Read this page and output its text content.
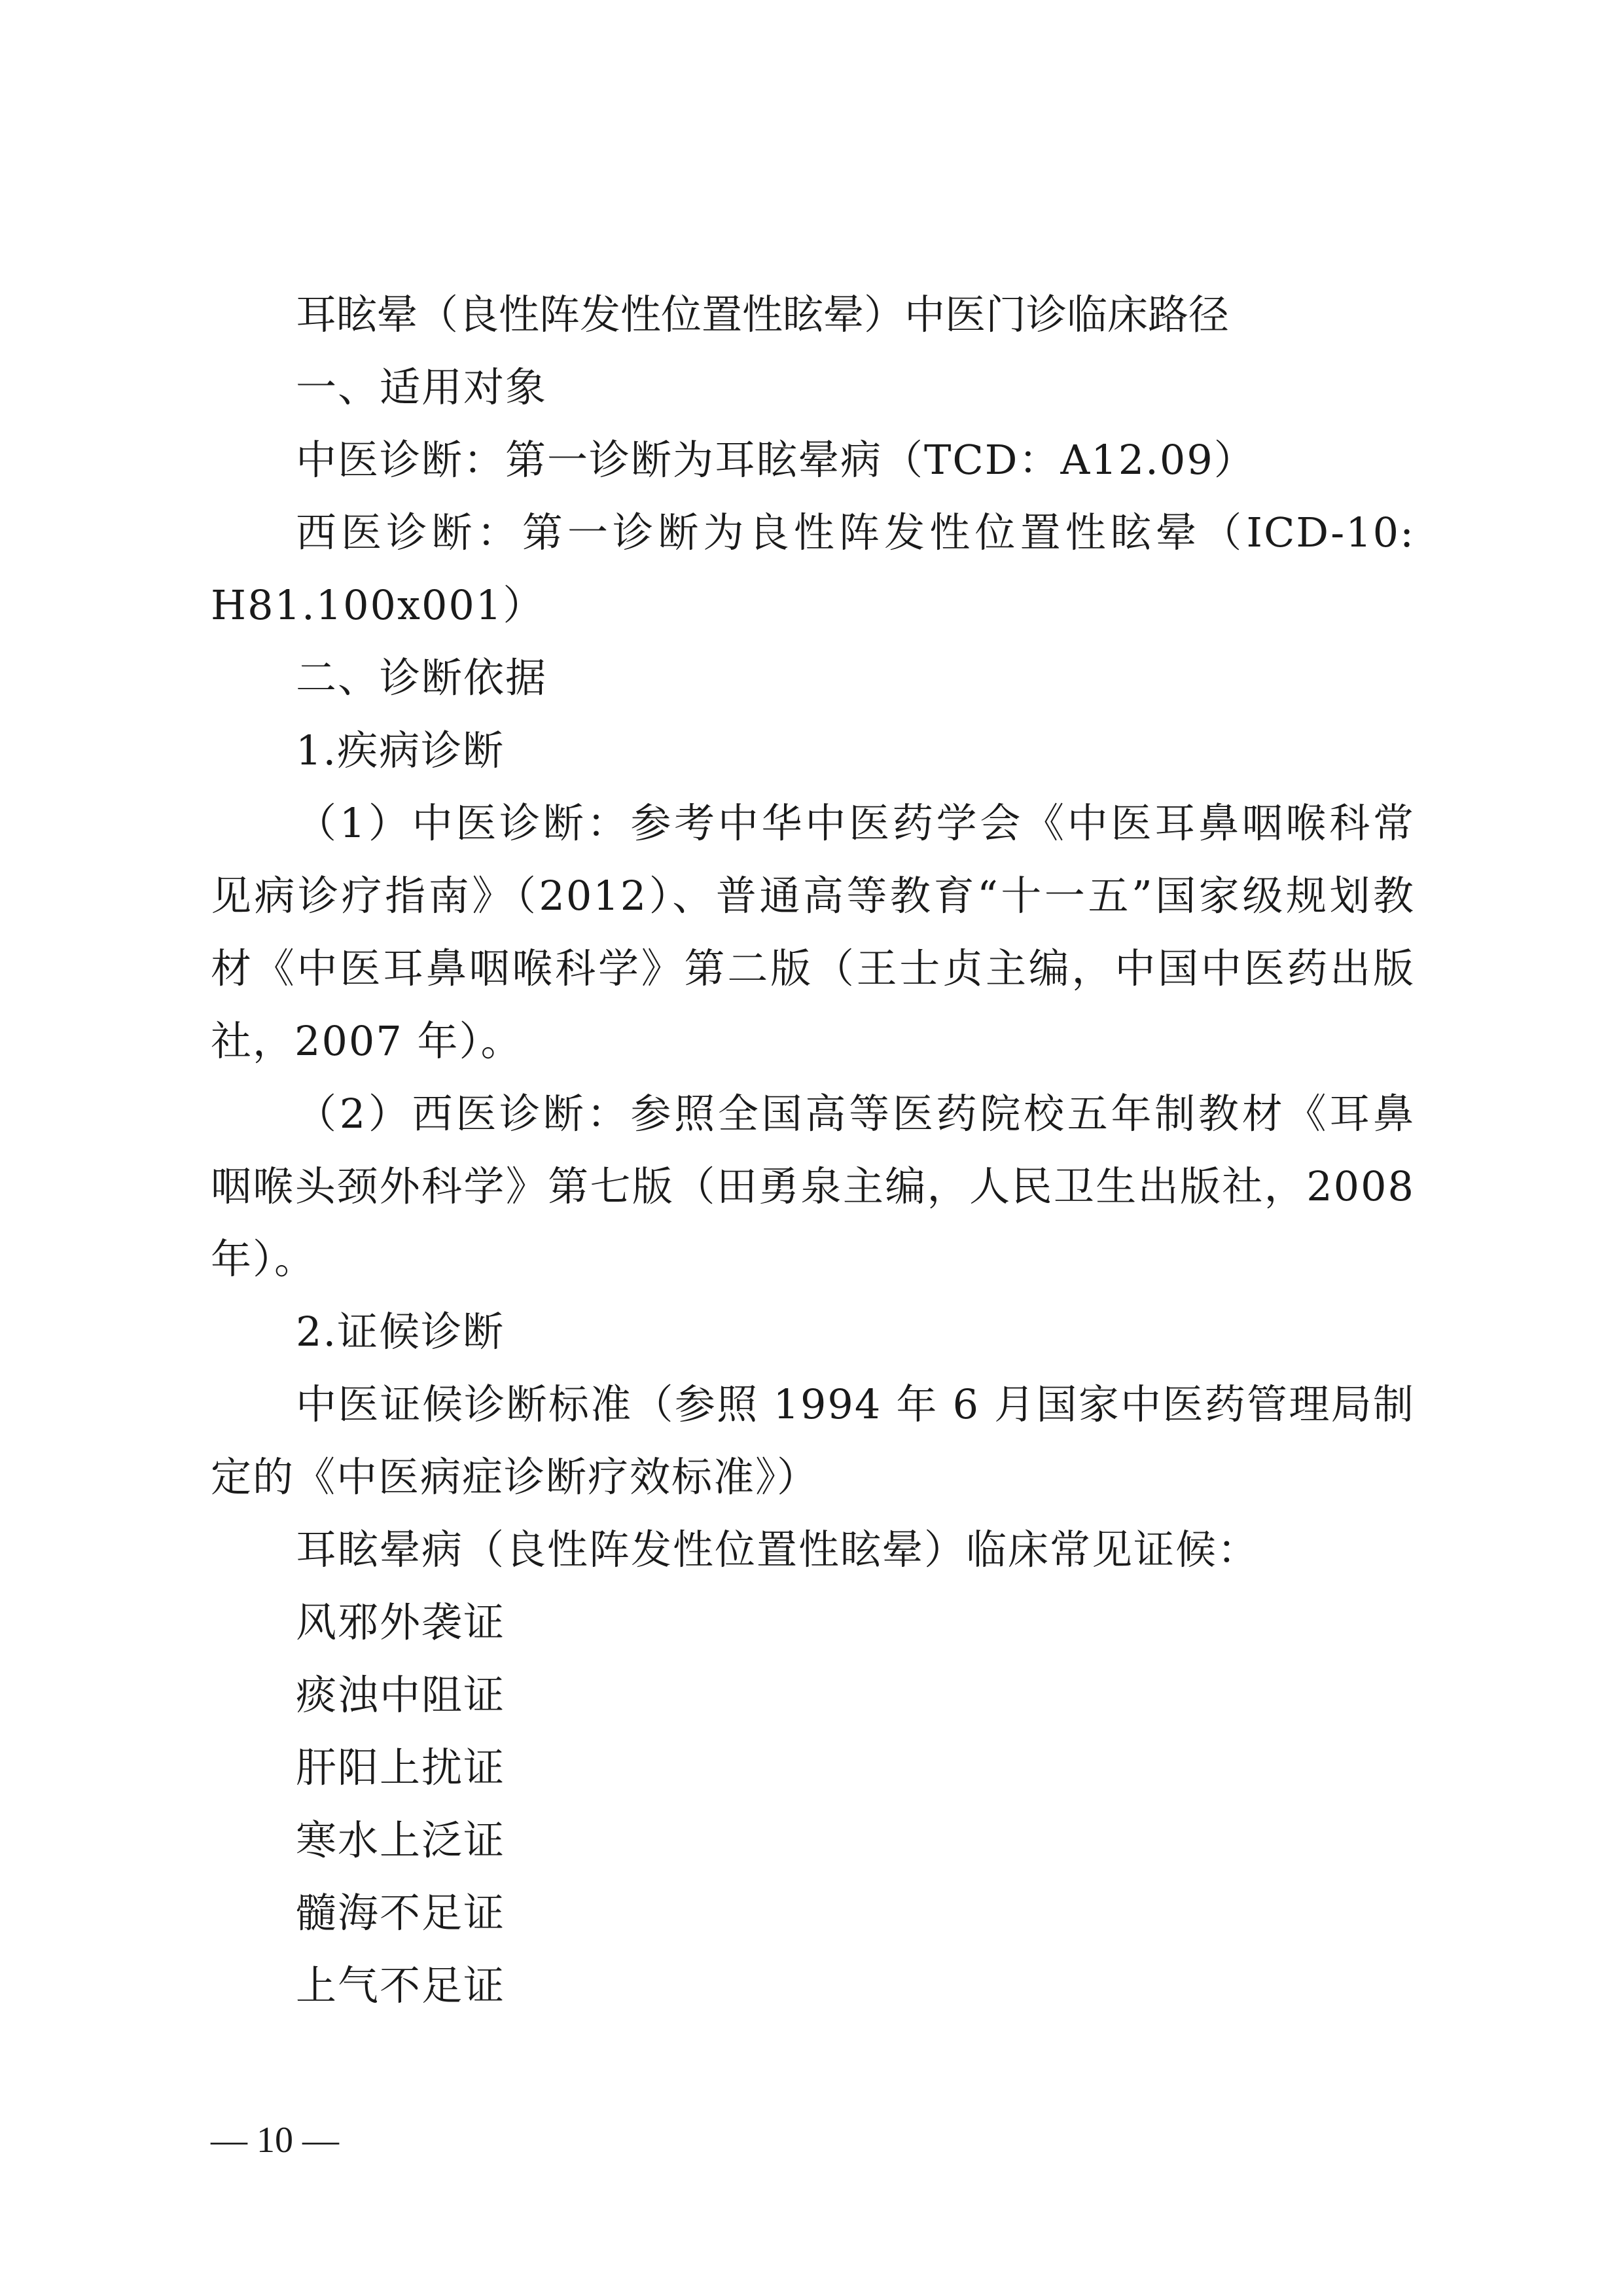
耳眩晕（良性阵发性位置性眩晕）中医门诊临床路径
一、适用对象
中医诊断：第一诊断为耳眩晕病（TCD：A12.09）
西医诊断：第一诊断为良性阵发性位置性眩晕（ICD-10:
H81.100x001）
二、诊断依据
1.疾病诊断
（1）中医诊断：参考中华中医药学会《中医耳鼻咽喉科常
见病诊疗指南》（2012）、普通高等教育“十一五”国家级规划教
材《中医耳鼻咽喉科学》第二版（王士贞主编，中国中医药出版
社，2007 年）。
（2）西医诊断：参照全国高等医药院校五年制教材《耳鼻
咽喉头颈外科学》第七版（田勇泉主编，人民卫生出版社，2008
年）。
2.证候诊断
中医证候诊断标准（参照 1994 年 6 月国家中医药管理局制
定的《中医病症诊断疗效标准》）
耳眩晕病（良性阵发性位置性眩晕）临床常见证候：
风邪外袭证
痰浊中阻证
肝阳上扰证
寒水上泛证
髓海不足证
上气不足证
— 10 —
